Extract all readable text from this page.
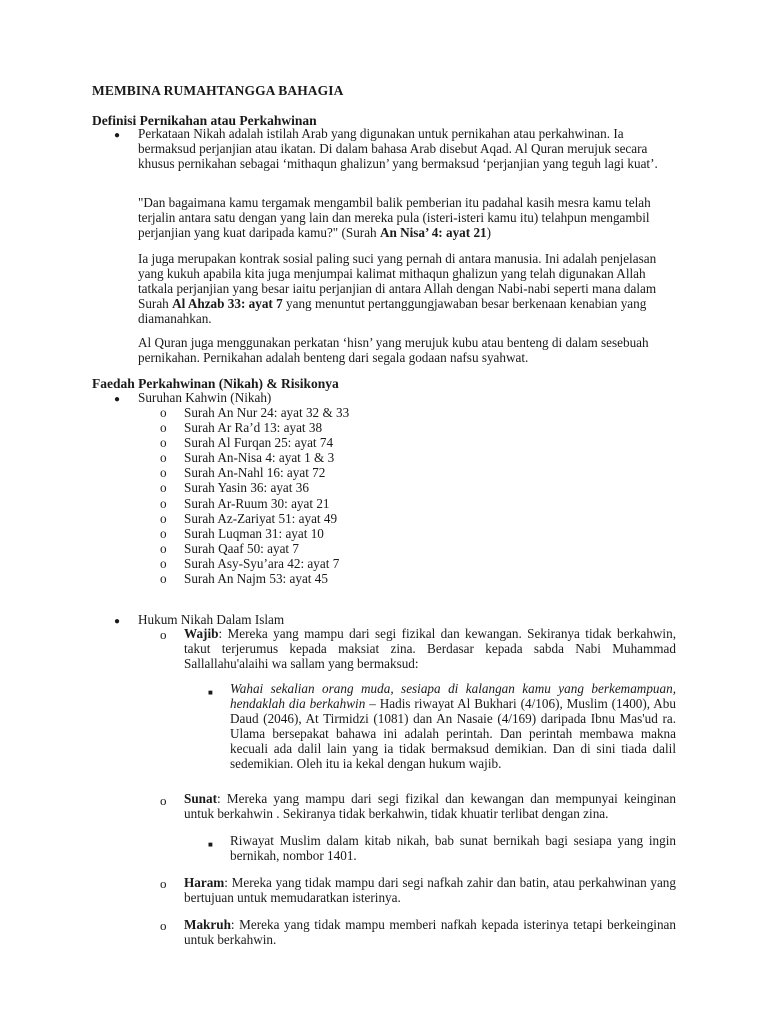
MEMBINA RUMAHTANGGA BAHAGIA
Definisi Pernikahan atau Perkahwinan
● Perkataan Nikah adalah istilah Arab yang digunakan untuk pernikahan atau perkahwinan. Ia bermaksud perjanjian atau ikatan. Di dalam bahasa Arab disebut Aqad. Al Quran merujuk secara khusus pernikahan sebagai ‘mithaqun ghalizun’ yang bermaksud ‘perjanjian yang teguh lagi kuat’.
"Dan bagaimana kamu tergamak mengambil balik pemberian itu padahal kasih mesra kamu telah terjalin antara satu dengan yang lain dan mereka pula (isteri-isteri kamu itu) telahpun mengambil perjanjian yang kuat daripada kamu?" (Surah An Nisa’ 4: ayat 21)
Ia juga merupakan kontrak sosial paling suci yang pernah di antara manusia. Ini adalah penjelasan yang kukuh apabila kita juga menjumpai kalimat mithaqun ghalizun yang telah digunakan Allah tatkala perjanjian yang besar iaitu perjanjian di antara Allah dengan Nabi-nabi seperti mana dalam Surah Al Ahzab 33: ayat 7 yang menuntut pertanggungjawaban besar berkenaan kenabian yang diamanahkan.
Al Quran juga menggunakan perkatan ‘hisn’ yang merujuk kubu atau benteng di dalam sesebuah pernikahan. Pernikahan adalah benteng dari segala godaan nafsu syahwat.
Faedah Perkahwinan (Nikah) & Risikonya
● Suruhan Kahwin (Nikah)
o
o
o
o
o
o
o
o
o
o
o
o
Surah An Nur 24: ayat 32 & 33
Surah Ar Ra’d 13: ayat 38
Surah Al Furqan 25: ayat 74
Surah An-Nisa 4: ayat 1 & 3
Surah An-Nahl 16: ayat 72
Surah Yasin 36: ayat 36
Surah Ar-Ruum 30: ayat 21
Surah Az-Zariyat 51: ayat 49
Surah Luqman 31: ayat 10
Surah Qaaf 50: ayat 7
Surah Asy-Syu’ara 42: ayat 7
Surah An Najm 53: ayat 45
● Hukum Nikah Dalam Islam
o Wajib: Mereka yang mampu dari segi fizikal dan kewangan. Sekiranya tidak berkahwin, takut terjerumus kepada maksiat zina. Berdasar kepada sabda Nabi Muhammad Sallallahu'alaihi wa sallam yang bermaksud:
■ Wahai sekalian orang muda, sesiapa di kalangan kamu yang berkemampuan, hendaklah dia berkahwin – Hadis riwayat Al Bukhari (4/106), Muslim (1400), Abu Daud (2046), At Tirmidzi (1081) dan An Nasaie (4/169) daripada Ibnu Mas'ud ra. Ulama bersepakat bahawa ini adalah perintah. Dan perintah membawa makna kecuali ada dalil lain yang ia tidak bermaksud demikian. Dan di sini tiada dalil sedemikian. Oleh itu ia kekal dengan hukum wajib.
o Sunat: Mereka yang mampu dari segi fizikal dan kewangan dan mempunyai keinginan untuk berkahwin . Sekiranya tidak berkahwin, tidak khuatir terlibat dengan zina.
■ Riwayat Muslim dalam kitab nikah, bab sunat bernikah bagi sesiapa yang ingin bernikah, nombor 1401.
o Haram: Mereka yang tidak mampu dari segi nafkah zahir dan batin, atau perkahwinan yang bertujuan untuk memudaratkan isterinya.
o Makruh: Mereka yang tidak mampu memberi nafkah kepada isterinya tetapi berkeinginan untuk berkahwin.
